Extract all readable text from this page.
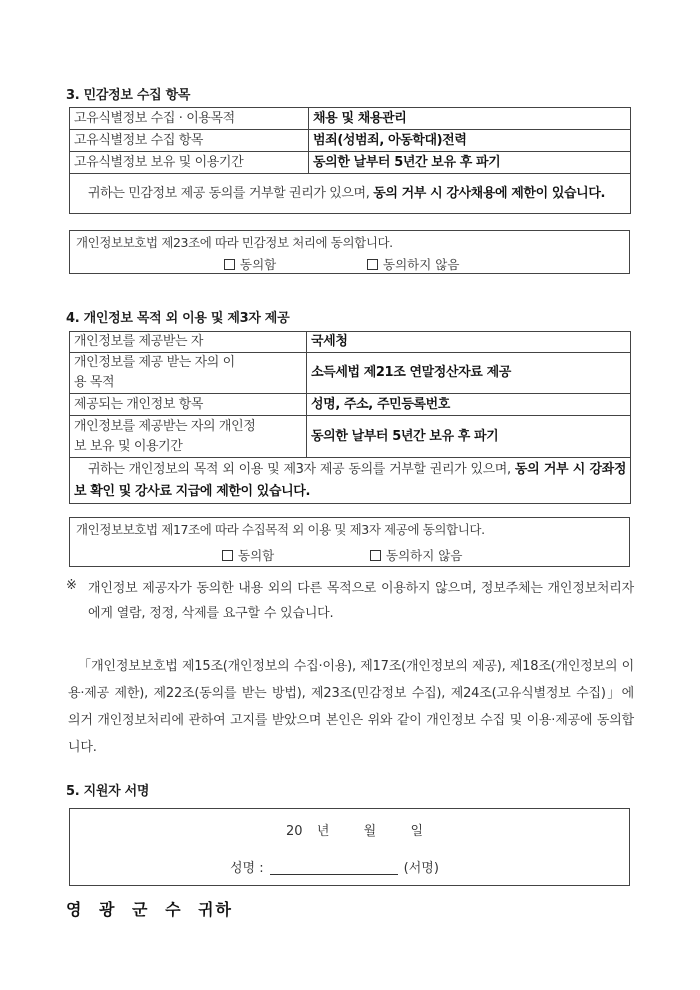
3. 민감정보 수집 항목
고유식별정보 수집 · 이용목적	채용 및 채용관리
고유식별정보 수집 항목	범죄(성범죄, 아동학대)전력
고유식별정보 보유 및 이용기간	동의한 날부터 5년간 보유 후 파기
귀하는 민감정보 제공 동의를 거부할 권리가 있으며, 동의 거부 시 강사채용에 제한이 있습니다.	
개인정보보호법 제23조에 따라 민감정보 처리에 동의합니다.
동의함	동의하지 않음
4. 개인정보 목적 외 이용 및 제3자 제공
개인정보를 제공받는 자	국세청
개인정보를 제공 받는 자의 이용 목적	소득세법 제21조 연말정산자료 제공
제공되는 개인정보 항목	성명, 주소, 주민등록번호
개인정보를 제공받는 자의 개인정보 보유 및 이용기간	동의한 날부터 5년간 보유 후 파기
귀하는 개인정보의 목적 외 이용 및 제3자 제공 동의를 거부할 권리가 있으며, 동의 거부 시 강좌정보 확인 및 강사료 지급에 제한이 있습니다.	
개인정보보호법 제17조에 따라 수집목적 외 이용 및 제3자 제공에 동의합니다.
동의함	동의하지 않음
※ 개인정보 제공자가 동의한 내용 외의 다른 목적으로 이용하지 않으며, 정보주체는 개인정보처리자에게 열람, 정정, 삭제를 요구할 수 있습니다.
「개인정보보호법 제15조(개인정보의 수집·이용), 제17조(개인정보의 제공), 제18조(개인정보의 이용·제공 제한), 제22조(동의를 받는 방법), 제23조(민감정보 수집), 제24조(고유식별정보 수집)」에 의거 개인정보처리에 관하여 고지를 받았으며 본인은 위와 같이 개인정보 수집 및 이용·제공에 동의합니다.
5. 지원자 서명
20 년	월	일
성명 :	(서명)
영 광 군 수 귀하
